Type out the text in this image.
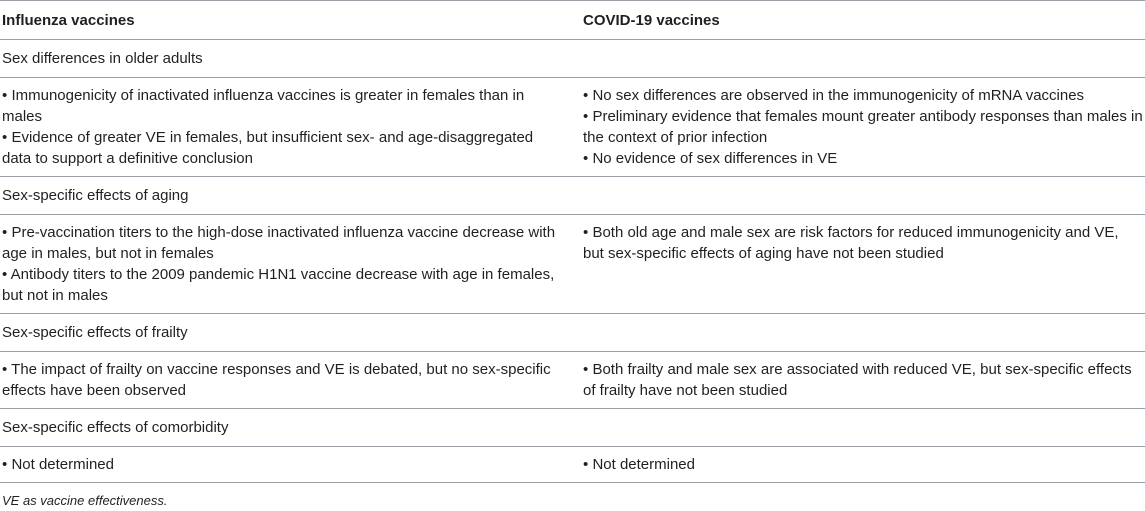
Influenza vaccines	COVID-19 vaccines
Sex differences in older adults
• Immunogenicity of inactivated influenza vaccines is greater in females than in males
• Evidence of greater VE in females, but insufficient sex- and age-disaggregated data to support a definitive conclusion
• No sex differences are observed in the immunogenicity of mRNA vaccines
• Preliminary evidence that females mount greater antibody responses than males in the context of prior infection
• No evidence of sex differences in VE
Sex-specific effects of aging
• Pre-vaccination titers to the high-dose inactivated influenza vaccine decrease with age in males, but not in females
• Antibody titers to the 2009 pandemic H1N1 vaccine decrease with age in females, but not in males
• Both old age and male sex are risk factors for reduced immunogenicity and VE, but sex-specific effects of aging have not been studied
Sex-specific effects of frailty
• The impact of frailty on vaccine responses and VE is debated, but no sex-specific effects have been observed
• Both frailty and male sex are associated with reduced VE, but sex-specific effects of frailty have not been studied
Sex-specific effects of comorbidity
• Not determined	• Not determined
VE as vaccine effectiveness.
